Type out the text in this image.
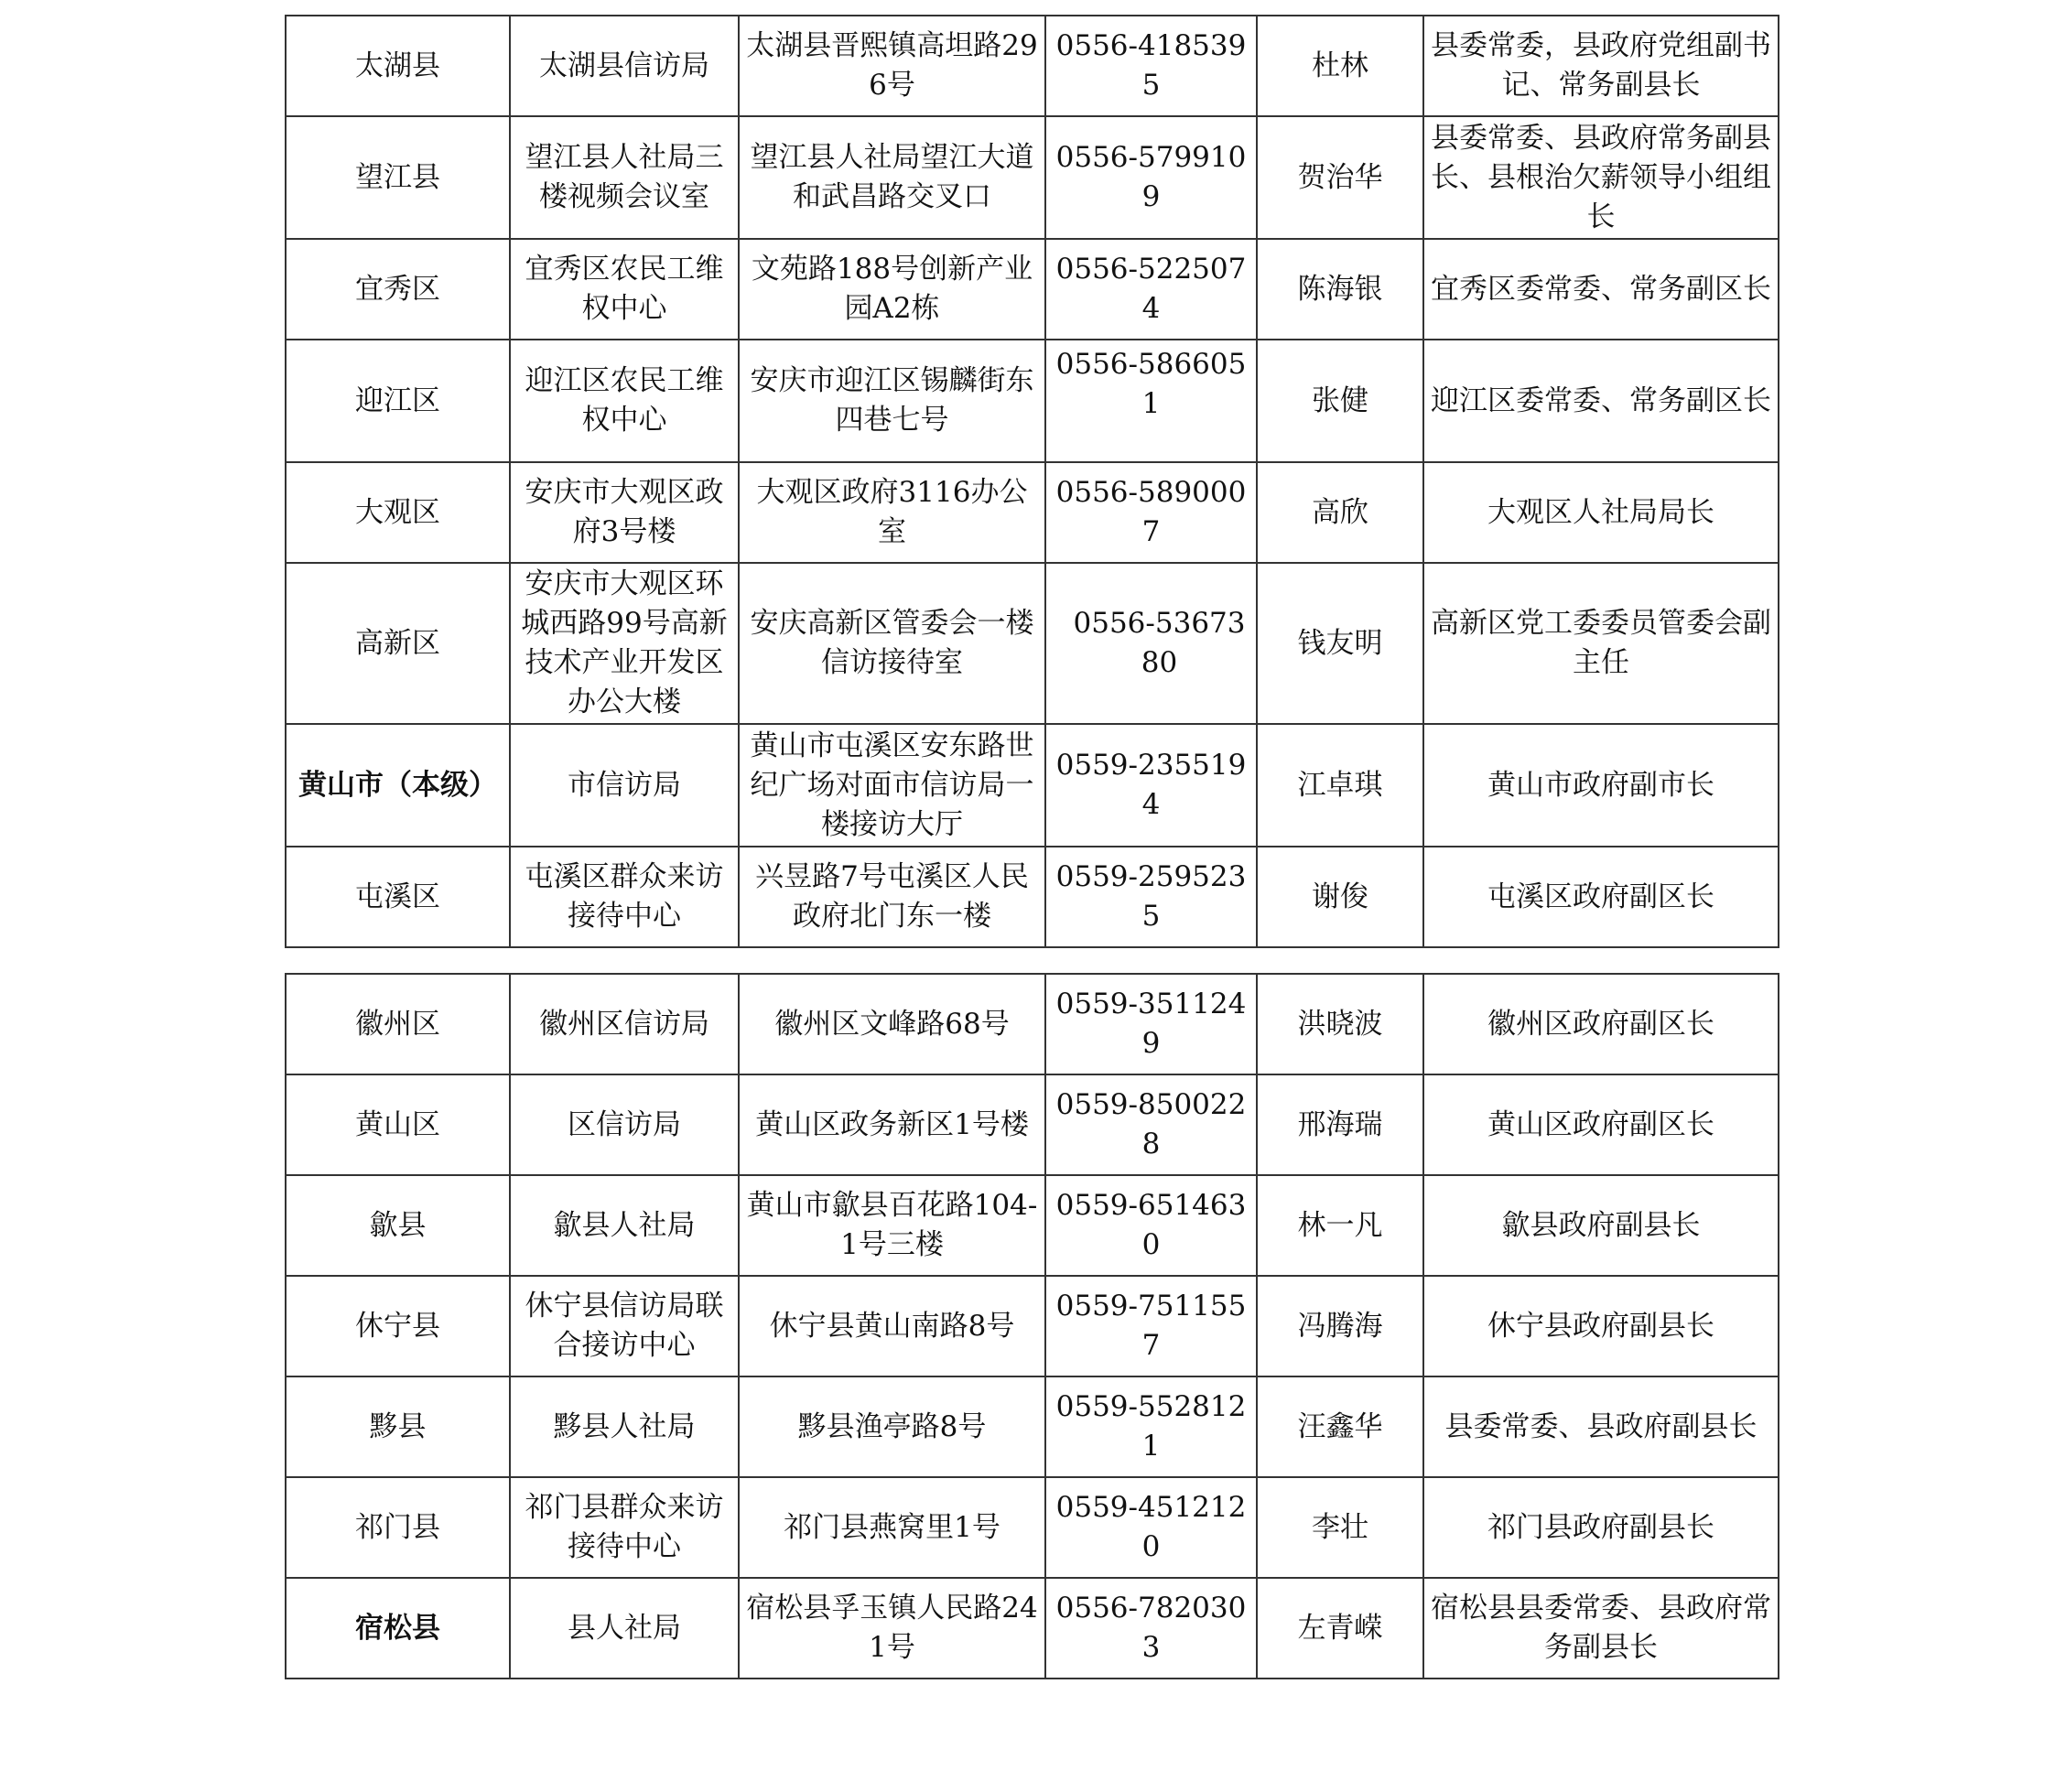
太湖县	太湖县信访局	太湖县晋熙镇高坦路296号	0556-4185395	杜林	县委常委，县政府党组副书记、常务副县长
望江县	望江县人社局三楼视频会议室	望江县人社局望江大道和武昌路交叉口	0556-5799109	贺治华	县委常委、县政府常务副县长、县根治欠薪领导小组组长
宜秀区	宜秀区农民工维权中心	文苑路188号创新产业园A2栋	0556-5225074	陈海银	宜秀区委常委、常务副区长
迎江区	迎江区农民工维权中心	安庆市迎江区锡麟街东四巷七号	0556-5866051	张健	迎江区委常委、常务副区长
大观区	安庆市大观区政府3号楼	大观区政府3116办公室	0556-5890007	高欣	大观区人社局局长
高新区	安庆市大观区环城西路99号高新技术产业开发区办公大楼	安庆高新区管委会一楼信访接待室	0556-5367380	钱友明	高新区党工委委员管委会副主任
黄山市（本级）	市信访局	黄山市屯溪区安东路世纪广场对面市信访局一楼接访大厅	0559-2355194	江卓琪	黄山市政府副市长
屯溪区	屯溪区群众来访接待中心	兴昱路7号屯溪区人民政府北门东一楼	0559-2595235	谢俊	屯溪区政府副区长
徽州区	徽州区信访局	徽州区文峰路68号	0559-3511249	洪晓波	徽州区政府副区长
黄山区	区信访局	黄山区政务新区1号楼	0559-8500228	邢海瑞	黄山区政府副区长
歙县	歙县人社局	黄山市歙县百花路104-1号三楼	0559-6514630	林一凡	歙县政府副县长
休宁县	休宁县信访局联合接访中心	休宁县黄山南路8号	0559-7511557	冯腾海	休宁县政府副县长
黟县	黟县人社局	黟县渔亭路8号	0559-5528121	汪鑫华	县委常委、县政府副县长
祁门县	祁门县群众来访接待中心	祁门县燕窝里1号	0559-4512120	李壮	祁门县政府副县长
宿松县	县人社局	宿松县孚玉镇人民路241号	0556-7820303	左青嵘	宿松县县委常委、县政府常务副县长
